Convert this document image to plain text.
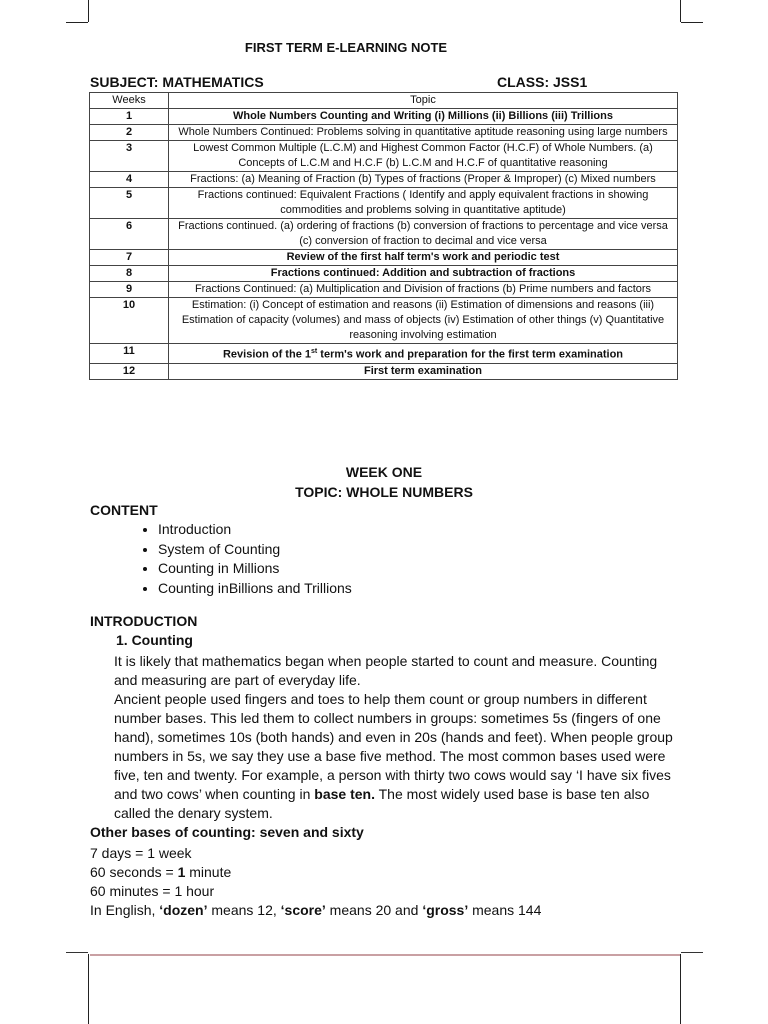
FIRST TERM E-LEARNING NOTE
SUBJECT: MATHEMATICS	CLASS: JSS1
Weeks	Topic
1	Whole Numbers Counting and Writing (i) Millions (ii) Billions (iii) Trillions
2	Whole Numbers Continued: Problems solving in quantitative aptitude reasoning using large numbers
3	Lowest Common Multiple (L.C.M) and Highest Common Factor (H.C.F) of Whole Numbers. (a) Concepts of L.C.M and H.C.F (b) L.C.M and H.C.F of quantitative reasoning
4	Fractions: (a) Meaning of Fraction (b) Types of fractions (Proper & Improper) (c) Mixed numbers
5	Fractions continued: Equivalent Fractions ( Identify and apply equivalent fractions in showing commodities and problems solving in quantitative aptitude)
6	Fractions continued. (a) ordering of fractions (b) conversion of fractions to percentage and vice versa (c) conversion of fraction to decimal and vice versa
7	Review of the first half term's work and periodic test
8	Fractions continued: Addition and subtraction of fractions
9	Fractions Continued: (a) Multiplication and Division of fractions (b) Prime numbers and factors
10	Estimation: (i) Concept of estimation and reasons (ii) Estimation of dimensions and reasons (iii) Estimation of capacity (volumes) and mass of objects (iv) Estimation of other things (v) Quantitative reasoning involving estimation
11	Revision of the 1st term's work and preparation for the first term examination
12	First term examination
WEEK ONE
TOPIC: WHOLE NUMBERS
CONTENT
• Introduction
• System of Counting
• Counting in Millions
• Counting inBillions and Trillions
INTRODUCTION
1. Counting

It is likely that mathematics began when people started to count and measure. Counting and measuring are part of everyday life.

Ancient people used fingers and toes to help them count or group numbers in different number bases. This led them to collect numbers in groups: sometimes 5s (fingers of one hand), sometimes 10s (both hands) and even in 20s (hands and feet). When people group numbers in 5s, we say they use a base five method. The most common bases used were five, ten and twenty. For example, a person with thirty two cows would say ‘I have six fives and two cows’ when counting in base ten. The most widely used base is base ten also called the denary system.

Other bases of counting: seven and sixty
7 days = 1 week
60 seconds = 1 minute
60 minutes = 1 hour
In English, ‘dozen’ means 12, ‘score’ means 20 and ‘gross’ means 144
